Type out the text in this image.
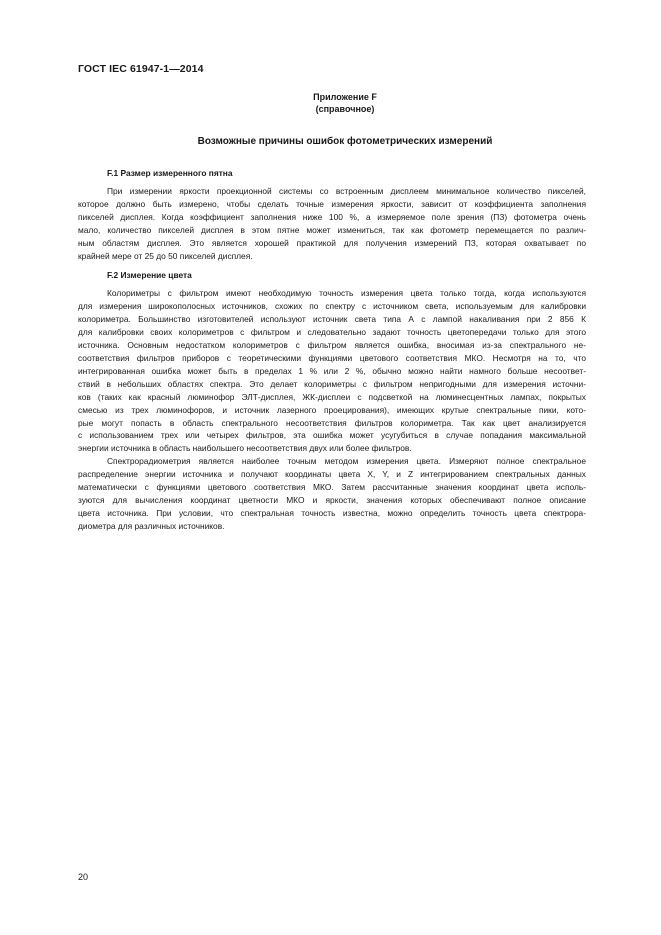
ГОСТ IEC 61947-1—2014
Приложение F
(справочное)
Возможные причины ошибок фотометрических измерений
F.1 Размер измеренного пятна
При измерении яркости проекционной системы со встроенным дисплеем минимальное количество пикселей,
которое должно быть измерено, чтобы сделать точные измерения яркости, зависит от коэффициента заполнения
пикселей дисплея. Когда коэффициент заполнения ниже 100 %, а измеряемое поле зрения (ПЗ) фотометра очень
мало, количество пикселей дисплея в этом пятне может измениться, так как фотометр перемещается по различ-
ным областям дисплея. Это является хорошей практикой для получения измерений ПЗ, которая охватывает по
крайней мере от 25 до 50 пикселей дисплея.
F.2 Измерение цвета
Колориметры с фильтром имеют необходимую точность измерения цвета только тогда, когда используются
для измерения широкополосных источников, схожих по спектру с источником света, используемым для калибровки
колориметра. Большинство изготовителей используют источник света типа А с лампой накаливания при 2 856 К
для калибровки своих колориметров с фильтром и следовательно задают точность цветопередачи только для этого
источника. Основным недостатком колориметров с фильтром является ошибка, вносимая из-за спектрального не-
соответствия фильтров приборов с теоретическими функциями цветового соответствия МКО. Несмотря на то, что
интегрированная ошибка может быть в пределах 1 % или 2 %, обычно можно найти намного больше несоответ-
ствий в небольших областях спектра. Это делает колориметры с фильтром непригодными для измерения источни-
ков (таких как красный люминофор ЭЛТ-дисплея, ЖК-дисплеи с подсветкой на люминесцентных лампах, покрытых
смесью из трех люминофоров, и источник лазерного проецирования), имеющих крутые спектральные пики, кото-
рые могут попасть в область спектрального несоответствия фильтров колориметра. Так как цвет анализируется
с использованием трех или четырех фильтров, эта ошибка может усугубиться в случае попадания максимальной
энергии источника в область наибольшего несоответствия двух или более фильтров.
Спектрорадиометрия является наиболее точным методом измерения цвета. Измеряют полное спектральное
распределение энергии источника и получают координаты цвета X, Y, и Z интегрированием спектральных данных
математически с функциями цветового соответствия МКО. Затем рассчитанные значения координат цвета исполь-
зуются для вычисления координат цветности МКО и яркости, значения которых обеспечивают полное описание
цвета источника. При условии, что спектральная точность известна, можно определить точность цвета спектрора-
диометра для различных источников.
20
